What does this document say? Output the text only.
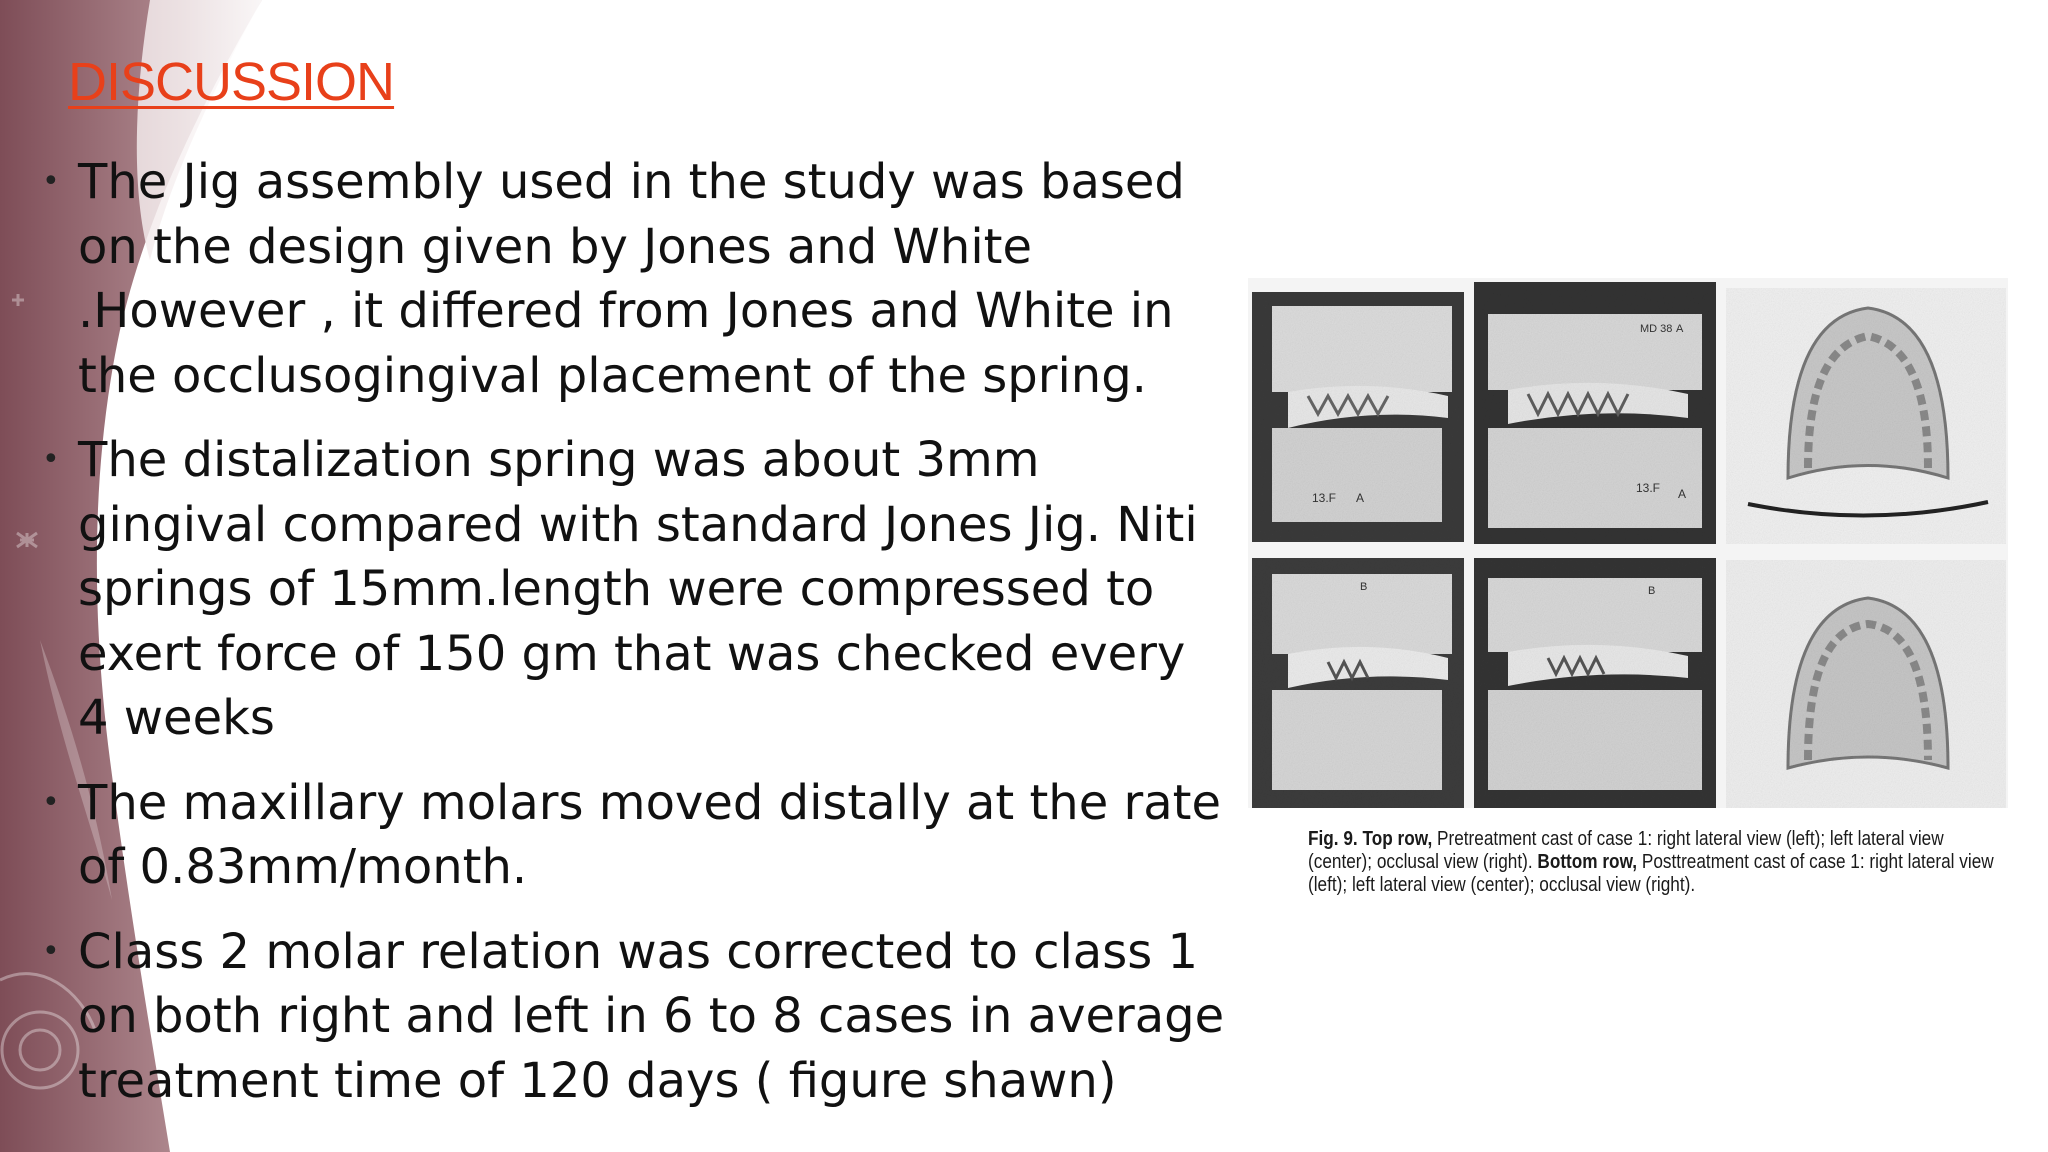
DISCUSSION
• The Jig assembly used in the study was based on the design given by Jones and White .However , it differed from Jones and White in the occlusogingival placement of the spring.
• The distalization spring was about 3mm gingival compared with standard Jones Jig. Niti springs of 15mm.length were compressed to exert force of 150 gm that was checked every 4 weeks
• The maxillary molars moved distally at the rate of 0.83mm/month.
• Class 2 molar relation was corrected to class 1 on both right and left in 6 to 8 cases in average treatment time of 120 days ( figure shawn)
13.F A
MD 38 A
13.F A
B	B
Fig. 9. Top row, Pretreatment cast of case 1: right lateral view (left); left lateral view (center); occlusal view (right). Bottom row, Posttreatment cast of case 1: right lateral view (left); left lateral view (center); occlusal view (right).
